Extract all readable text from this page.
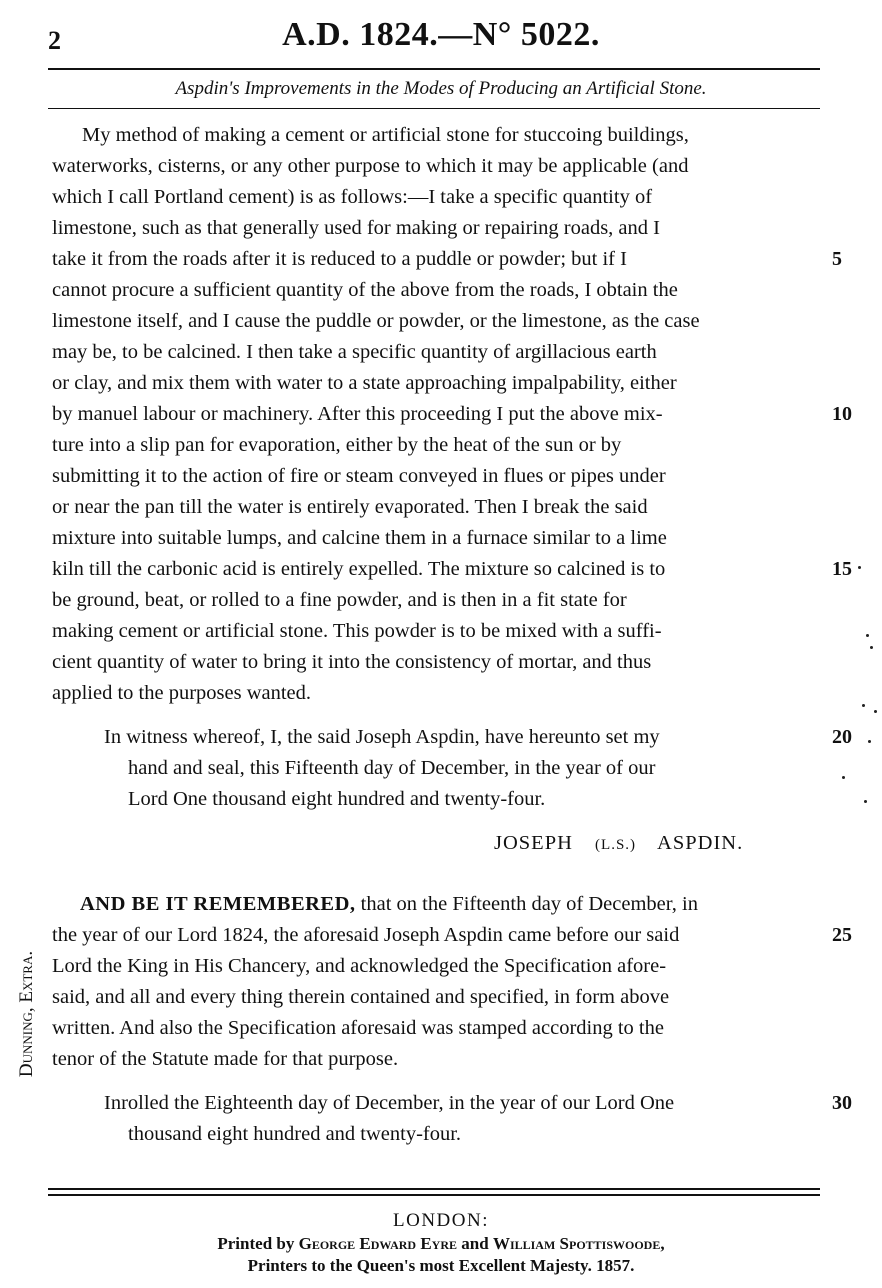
2	A.D. 1824.—N° 5022.
Aspdin's Improvements in the Modes of Producing an Artificial Stone.
My method of making a cement or artificial stone for stuccoing buildings,
waterworks, cisterns, or any other purpose to which it may be applicable (and
which I call Portland cement) is as follows:—I take a specific quantity of
limestone, such as that generally used for making or repairing roads, and I
take it from the roads after it is reduced to a puddle or powder; but if I
cannot procure a sufficient quantity of the above from the roads, I obtain the
limestone itself, and I cause the puddle or powder, or the limestone, as the case
may be, to be calcined. I then take a specific quantity of argillacious earth
or clay, and mix them with water to a state approaching impalpability, either
by manuel labour or machinery. After this proceeding I put the above mix-
ture into a slip pan for evaporation, either by the heat of the sun or by
submitting it to the action of fire or steam conveyed in flues or pipes under
or near the pan till the water is entirely evaporated. Then I break the said
mixture into suitable lumps, and calcine them in a furnace similar to a lime
kiln till the carbonic acid is entirely expelled. The mixture so calcined is to
be ground, beat, or rolled to a fine powder, and is then in a fit state for
making cement or artificial stone. This powder is to be mixed with a suffi-
cient quantity of water to bring it into the consistency of mortar, and thus
applied to the purposes wanted.
In witness whereof, I, the said Joseph Aspdin, have hereunto set my
hand and seal, this Fifteenth day of December, in the year of our
Lord One thousand eight hundred and twenty-four.
JOSEPH (L.S.) ASPDIN.
AND BE IT REMEMBERED, that on the Fifteenth day of December, in
the year of our Lord 1824, the aforesaid Joseph Aspdin came before our said
Lord the King in His Chancery, and acknowledged the Specification afore-
said, and all and every thing therein contained and specified, in form above
written. And also the Specification aforesaid was stamped according to the
tenor of the Statute made for that purpose.
Inrolled the Eighteenth day of December, in the year of our Lord One
thousand eight hundred and twenty-four.
5
10
15
20
25
30
Dunning, Extra.
LONDON:
Printed by George Edward Eyre and William Spottiswoode,
Printers to the Queen's most Excellent Majesty. 1857.
